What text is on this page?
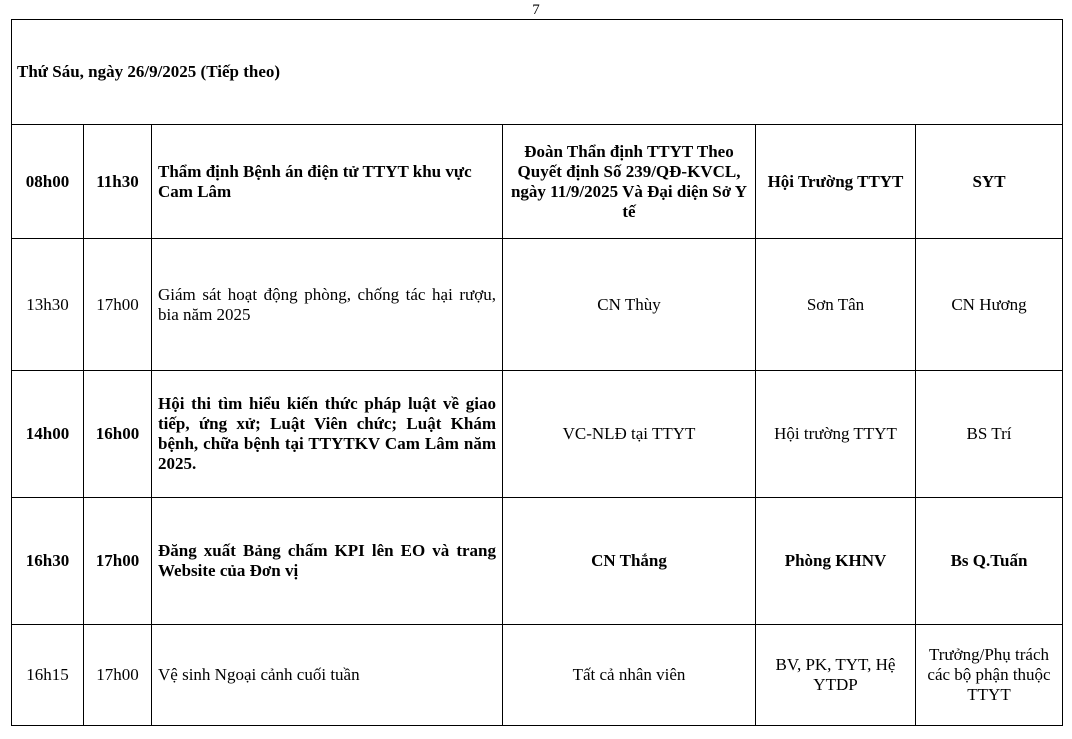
7
Thứ Sáu, ngày 26/9/2025 (Tiếp theo)					
08h00	11h30	Thẩm định Bệnh án điện tử TTYT khu vực Cam Lâm	Đoàn Thẩn định TTYT Theo Quyết định Số 239/QĐ-KVCL, ngày 11/9/2025 Và Đại diện Sở Y tế	Hội Trường TTYT	SYT
13h30	17h00	Giám sát hoạt động phòng, chống tác hại rượu, bia năm 2025	CN Thùy	Sơn Tân	CN Hương
14h00	16h00	Hội thi tìm hiểu kiến thức pháp luật về giao tiếp, ứng xử; Luật Viên chức; Luật Khám bệnh, chữa bệnh tại TTYTKV Cam Lâm năm 2025.	VC-NLĐ tại TTYT	Hội trường TTYT	BS Trí
16h30	17h00	Đăng xuất Bảng chấm KPI lên EO và trang Website của Đơn vị	CN Thắng	Phòng KHNV	Bs Q.Tuấn
16h15	17h00	Vệ sinh Ngoại cảnh cuối tuần	Tất cả nhân viên	BV, PK, TYT, Hệ YTDP	Trưởng/Phụ trách các bộ phận thuộc TTYT
